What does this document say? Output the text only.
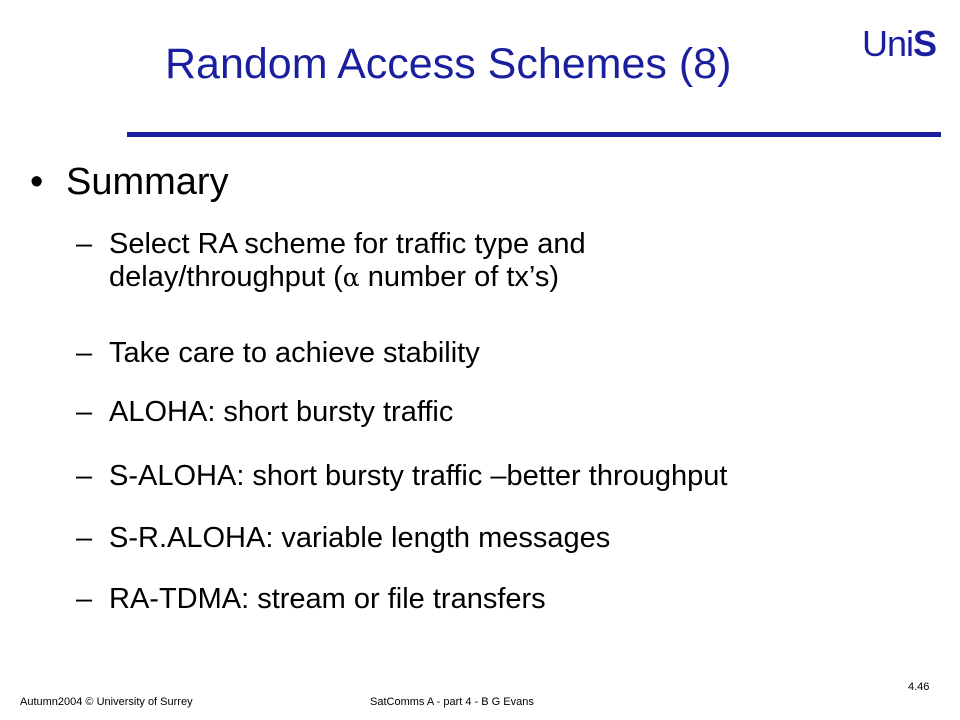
Random Access Schemes (8)	UniS
• Summary
– Select RA scheme for traffic type and
delay/throughput (α number of tx’s)
– Take care to achieve stability
– ALOHA: short bursty traffic
– S-ALOHA: short bursty traffic –better throughput
– S-R.ALOHA: variable length messages
– RA-TDMA: stream or file transfers
Autumn2004 © University of Surrey	SatComms A - part 4 - B G Evans
4.46
